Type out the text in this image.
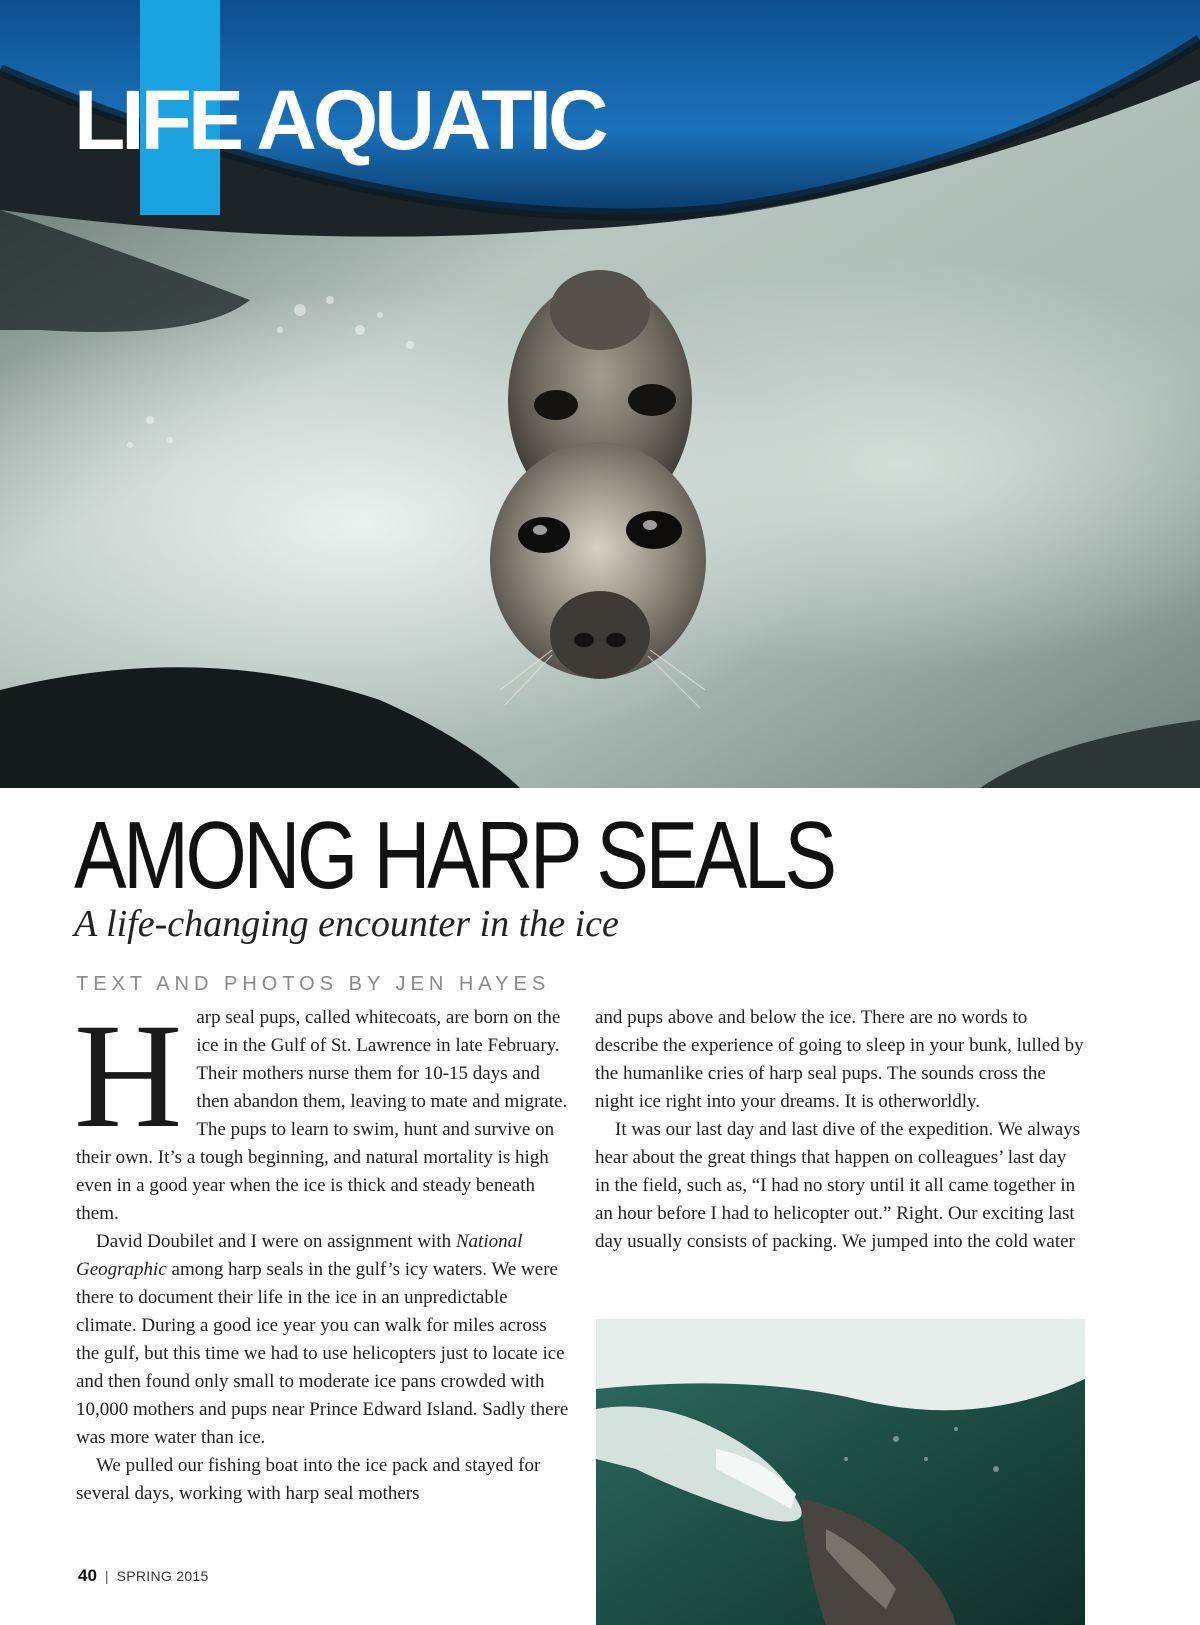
LIFE AQUATIC
AMONG HARP SEALS
A life-changing encounter in the ice
TEXT AND PHOTOS BY JEN HAYES

Harp seal pups, called whitecoats, are born on the ice in the Gulf of St. Lawrence in late February. Their mothers nurse them for 10-15 days and then abandon them, leaving to mate and migrate. The pups to learn to swim, hunt and survive on their own. It’s a tough beginning, and natural mortality is high even in a good year when the ice is thick and steady beneath them.

David Doubilet and I were on assignment with National Geographic among harp seals in the gulf’s icy waters. We were there to document their life in the ice in an unpredictable climate. During a good ice year you can walk for miles across the gulf, but this time we had to use helicopters just to locate ice and then found only small to moderate ice pans crowded with 10,000 mothers and pups near Prince Edward Island. Sadly there was more water than ice.

We pulled our fishing boat into the ice pack and stayed for several days, working with harp seal mothers

and pups above and below the ice. There are no words to describe the experience of going to sleep in your bunk, lulled by the humanlike cries of harp seal pups. The sounds cross the night ice right into your dreams. It is otherworldly.

It was our last day and last dive of the expedition. We always hear about the great things that happen on colleagues’ last day in the field, such as, “I had no story until it all came together in an hour before I had to helicopter out.” Right. Our exciting last day usually consists of packing. We jumped into the cold water

40 | SPRING 2015
